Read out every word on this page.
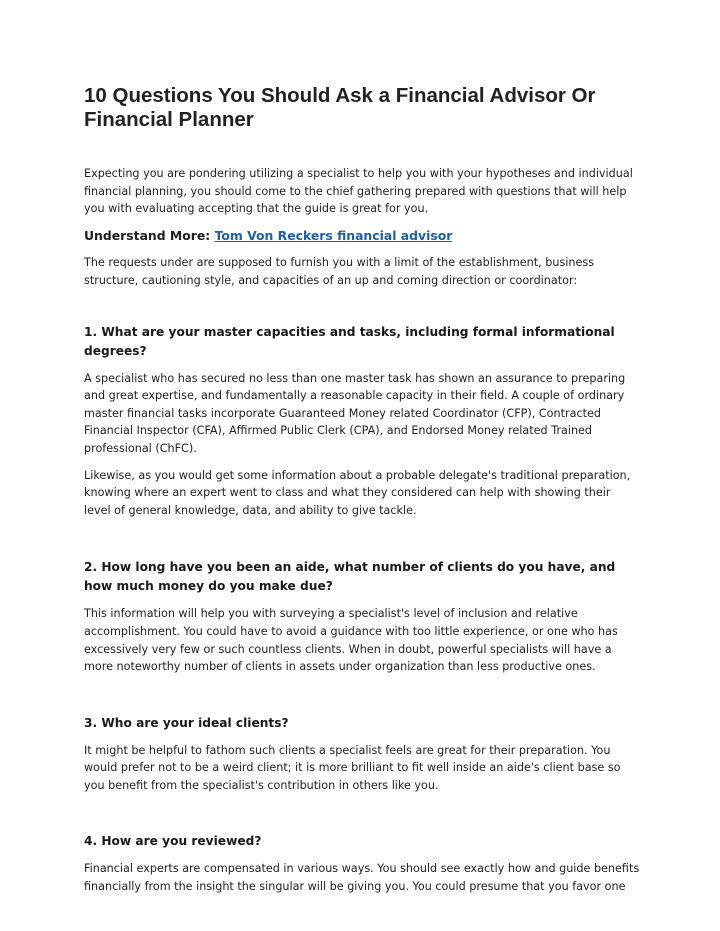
10 Questions You Should Ask a Financial Advisor Or Financial Planner

Expecting you are pondering utilizing a specialist to help you with your hypotheses and individual financial planning, you should come to the chief gathering prepared with questions that will help you with evaluating accepting that the guide is great for you.

Understand More: Tom Von Reckers financial advisor

The requests under are supposed to furnish you with a limit of the establishment, business structure, cautioning style, and capacities of an up and coming direction or coordinator:

1. What are your master capacities and tasks, including formal informational degrees?

A specialist who has secured no less than one master task has shown an assurance to preparing and great expertise, and fundamentally a reasonable capacity in their field. A couple of ordinary master financial tasks incorporate Guaranteed Money related Coordinator (CFP), Contracted Financial Inspector (CFA), Affirmed Public Clerk (CPA), and Endorsed Money related Trained professional (ChFC).

Likewise, as you would get some information about a probable delegate's traditional preparation, knowing where an expert went to class and what they considered can help with showing their level of general knowledge, data, and ability to give tackle.

2. How long have you been an aide, what number of clients do you have, and how much money do you make due?

This information will help you with surveying a specialist's level of inclusion and relative accomplishment. You could have to avoid a guidance with too little experience, or one who has excessively very few or such countless clients. When in doubt, powerful specialists will have a more noteworthy number of clients in assets under organization than less productive ones.

3. Who are your ideal clients?

It might be helpful to fathom such clients a specialist feels are great for their preparation. You would prefer not to be a weird client; it is more brilliant to fit well inside an aide's client base so you benefit from the specialist's contribution in others like you.

4. How are you reviewed?

Financial experts are compensated in various ways. You should see exactly how and guide benefits financially from the insight the singular will be giving you. You could presume that you favor one
